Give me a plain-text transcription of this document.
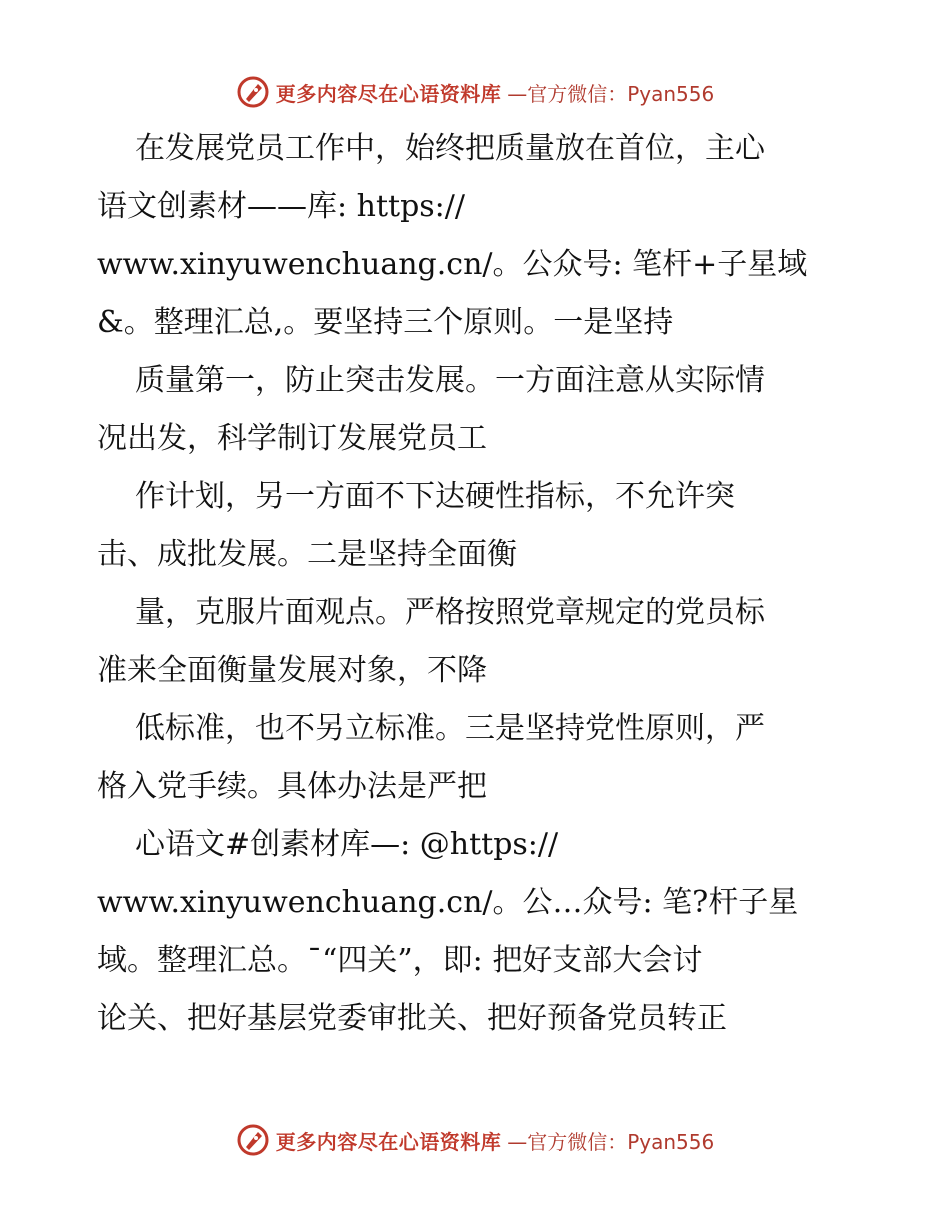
更多内容尽在心语资料库 —官方微信：Pyan556
在发展党员工作中，始终把质量放在首位，主心
语文创素材——库: https://
www.xinyuwenchuang.cn/。公众号: 笔杆+子星域
&。整理汇总,。要坚持三个原则。一是坚持
质量第一，防止突击发展。一方面注意从实际情
况出发，科学制订发展党员工
作计划，另一方面不下达硬性指标，不允许突
击、成批发展。二是坚持全面衡
量，克服片面观点。严格按照党章规定的党员标
准来全面衡量发展对象，不降
低标准，也不另立标准。三是坚持党性原则，严
格入党手续。具体办法是严把
心语文#创素材库—: @https://
www.xinyuwenchuang.cn/。公…众号: 笔?杆子星
域。整理汇总。¯“四关”，即: 把好支部大会讨
论关、把好基层党委审批关、把好预备党员转正
更多内容尽在心语资料库 —官方微信：Pyan556
